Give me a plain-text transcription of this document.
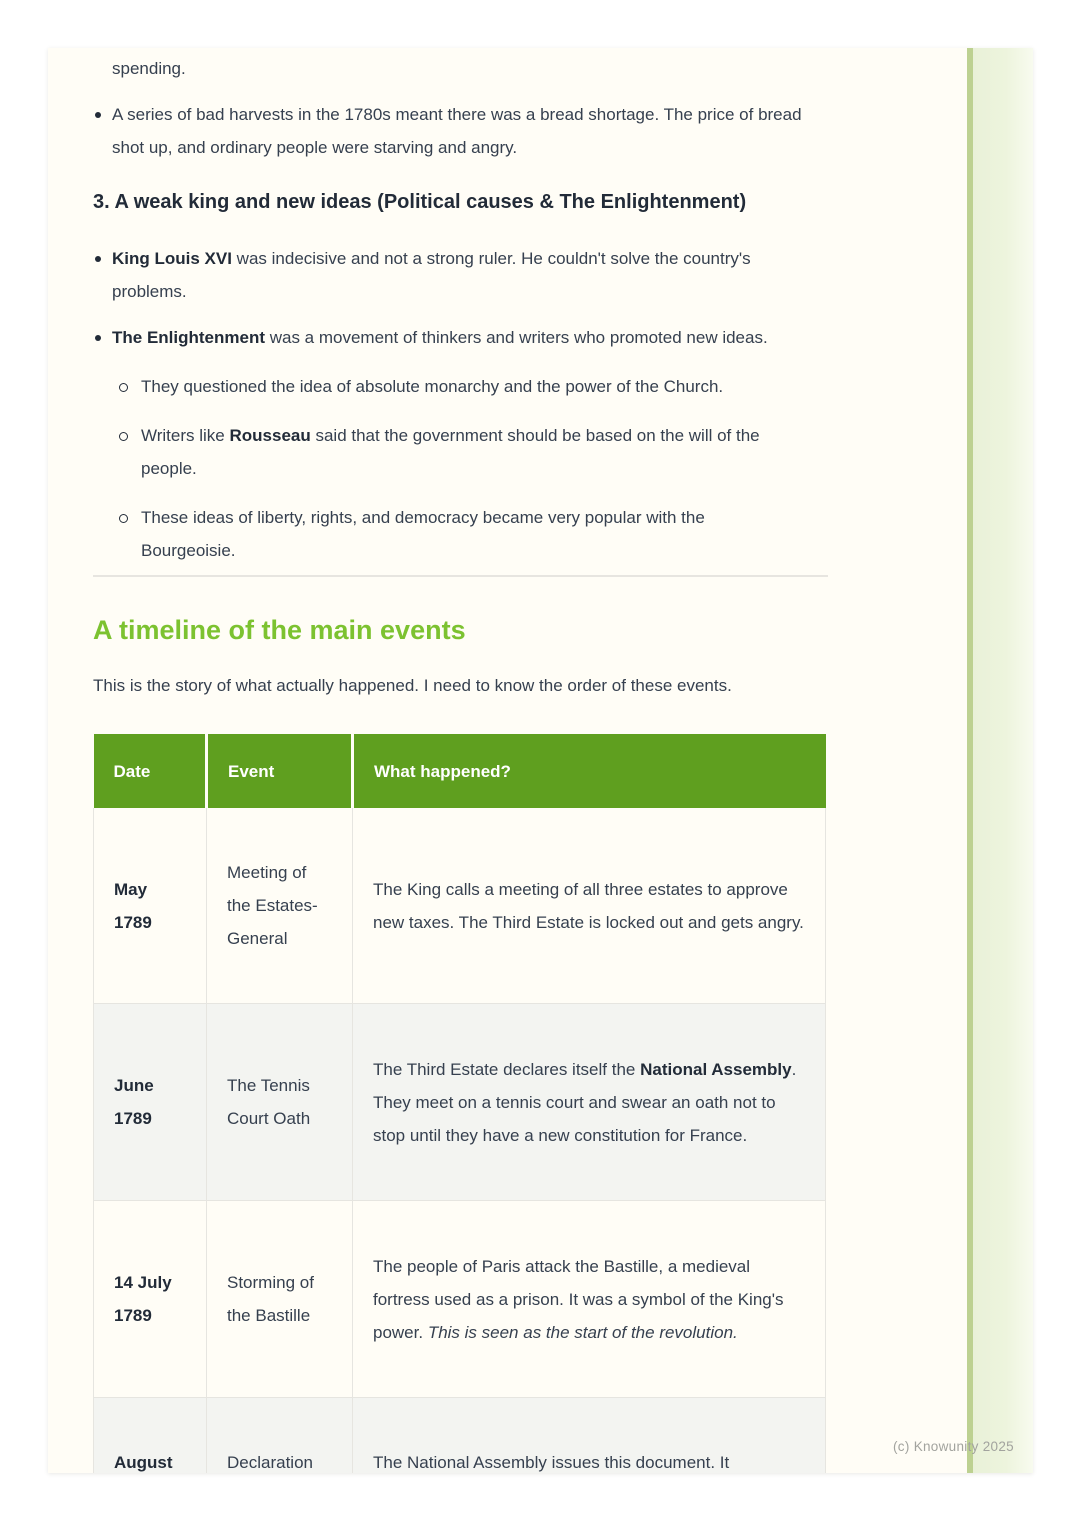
spending.

A series of bad harvests in the 1780s meant there was a bread shortage. The price of bread shot up, and ordinary people were starving and angry.
3. A weak king and new ideas (Political causes & The Enlightenment)
King Louis XVI was indecisive and not a strong ruler. He couldn't solve the country's problems.
The Enlightenment was a movement of thinkers and writers who promoted new ideas.
They questioned the idea of absolute monarchy and the power of the Church.
Writers like Rousseau said that the government should be based on the will of the people.
These ideas of liberty, rights, and democracy became very popular with the Bourgeoisie.
A timeline of the main events

This is the story of what actually happened. I need to know the order of these events.

Date	Event	What happened?
May 1789	Meeting of the Estates-General	The King calls a meeting of all three estates to approve new taxes. The Third Estate is locked out and gets angry.
June 1789	The Tennis Court Oath	The Third Estate declares itself the National Assembly. They meet on a tennis court and swear an oath not to stop until they have a new constitution for France.
14 July 1789	Storming of the Bastille	The people of Paris attack the Bastille, a medieval fortress used as a prison. It was a symbol of the King's power. This is seen as the start of the revolution.
August	Declaration	The National Assembly issues this document. It
(c) Knowunity 2025
